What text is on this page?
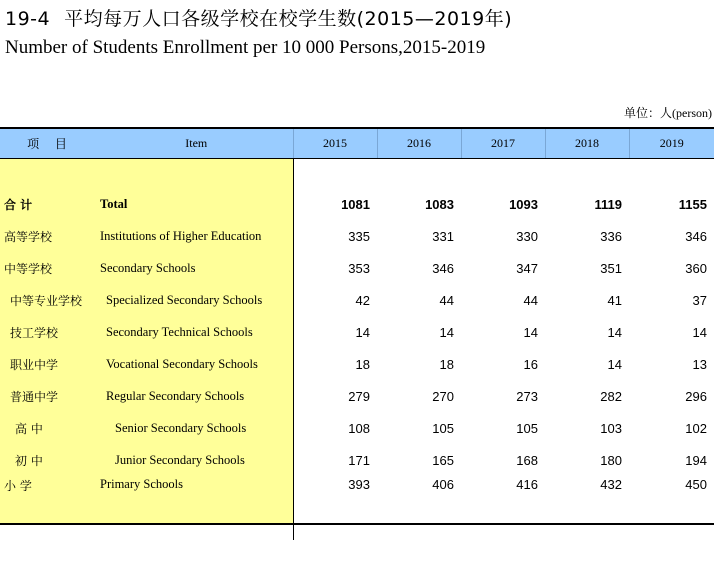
19-4 平均每万人口各级学校在校学生数(2015—2019年)
Number of Students Enrollment per 10 000 Persons,2015-2019
单位：人(person)
项 目	Item	2015	2016	2017	2018	2019

合 计	Total	1081	1083	1093	1119	1155
高等学校	Institutions of Higher Education	335	331	330	336	346
中等学校	Secondary Schools	353	346	347	351	360
中等专业学校	Specialized Secondary Schools	42	44	44	41	37
技工学校	Secondary Technical Schools	14	14	14	14	14
职业中学	Vocational Secondary Schools	18	18	16	14	13
普通中学	Regular Secondary Schools	279	270	273	282	296
高 中	Senior Secondary Schools	108	105	105	103	102
初 中	Junior Secondary Schools	171	165	168	180	194
小 学	Primary Schools	393	406	416	432	450
